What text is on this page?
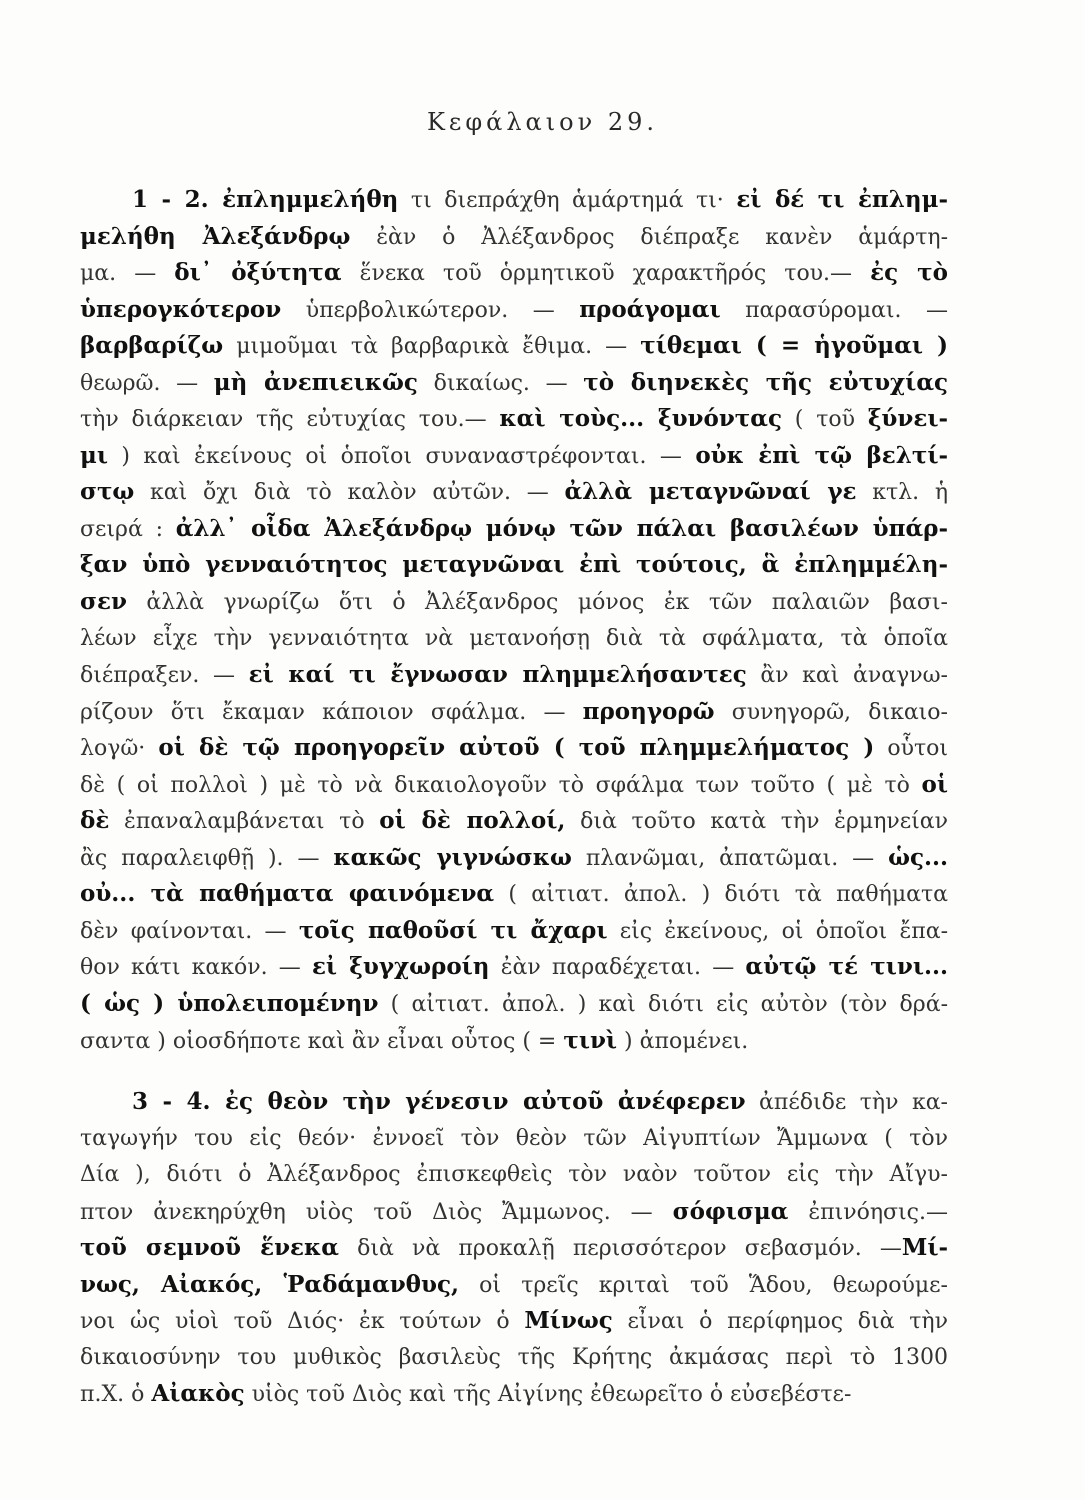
Κεφάλαιον 29.
1 - 2. ἐπλημμελήθη τι διεπράχθη ἁμάρτημά τι· εἰ δέ τι ἐπλημ-
μελήθη Ἀλεξάνδρῳ ἐὰν ὁ Ἀλέξανδρος διέπραξε κανὲν ἁμάρτη-
μα. — δι᾽ ὀξύτητα ἕνεκα τοῦ ὁρμητικοῦ χαρακτῆρός του.— ἐς τὸ
ὑπερογκότερον ὑπερβολικώτερον. — προάγομαι παρασύρομαι. —
βαρβαρίζω μιμοῦμαι τὰ βαρβαρικὰ ἔθιμα. — τίθεμαι ( = ἡγοῦμαι )
θεωρῶ. — μὴ ἀνεπιεικῶς δικαίως. — τὸ διηνεκὲς τῆς εὐτυχίας
τὴν διάρκειαν τῆς εὐτυχίας του.— καὶ τοὺς... ξυνόντας ( τοῦ ξύνει-
μι ) καὶ ἐκείνους οἱ ὁποῖοι συναναστρέφονται. — οὐκ ἐπὶ τῷ βελτί-
στῳ καὶ ὄχι διὰ τὸ καλὸν αὐτῶν. — ἀλλὰ μεταγνῶναί γε κτλ. ἡ
σειρά : ἀλλ᾽ οἶδα Ἀλεξάνδρῳ μόνῳ τῶν πάλαι βασιλέων ὑπάρ-
ξαν ὑπὸ γενναιότητος μεταγνῶναι ἐπὶ τούτοις, ἃ ἐπλημμέλη-
σεν ἀλλὰ γνωρίζω ὅτι ὁ Ἀλέξανδρος μόνος ἐκ τῶν παλαιῶν βασι-
λέων εἶχε τὴν γενναιότητα νὰ μετανοήσῃ διὰ τὰ σφάλματα, τὰ ὁποῖα
διέπραξεν. — εἰ καί τι ἔγνωσαν πλημμελήσαντες ἂν καὶ ἀναγνω-
ρίζουν ὅτι ἔκαμαν κάποιον σφάλμα. — προηγορῶ συνηγορῶ, δικαιο-
λογῶ· οἱ δὲ τῷ προηγορεῖν αὐτοῦ ( τοῦ πλημμελήματος ) οὗτοι
δὲ ( οἱ πολλοὶ ) μὲ τὸ νὰ δικαιολογοῦν τὸ σφάλμα των τοῦτο ( μὲ τὸ οἱ
δὲ ἐπαναλαμβάνεται τὸ οἱ δὲ πολλοί, διὰ τοῦτο κατὰ τὴν ἑρμηνείαν
ἂς παραλειφθῇ ). — κακῶς γιγνώσκω πλανῶμαι, ἀπατῶμαι. — ὡς...
οὐ... τὰ παθήματα φαινόμενα ( αἰτιατ. ἀπολ. ) διότι τὰ παθήματα
δὲν φαίνονται. — τοῖς παθοῦσί τι ἄχαρι εἰς ἐκείνους, οἱ ὁποῖοι ἔπα-
θον κάτι κακόν. — εἰ ξυγχωροίη ἐὰν παραδέχεται. — αὐτῷ τέ τινι...
( ὡς ) ὑπολειπομένην ( αἰτιατ. ἀπολ. ) καὶ διότι εἰς αὐτὸν (τὸν δρά-
σαντα ) οἱοσδήποτε καὶ ἂν εἶναι οὗτος ( = τινὶ ) ἀπομένει.
3 - 4. ἐς θεὸν τὴν γένεσιν αὐτοῦ ἀνέφερεν ἀπέδιδε τὴν κα-
ταγωγήν του εἰς θεόν· ἐννοεῖ τὸν θεὸν τῶν Αἰγυπτίων Ἄμμωνα ( τὸν
Δία ), διότι ὁ Ἀλέξανδρος ἐπισκεφθεὶς τὸν ναὸν τοῦτον εἰς τὴν Αἴγυ-
πτον ἀνεκηρύχθη υἱὸς τοῦ Διὸς Ἄμμωνος. — σόφισμα ἐπινόησις.—
τοῦ σεμνοῦ ἕνεκα διὰ νὰ προκαλῇ περισσότερον σεβασμόν. —Μί-
νως, Αἰακός, Ῥαδάμανθυς, οἱ τρεῖς κριταὶ τοῦ Ἅδου, θεωρούμε-
νοι ὡς υἱοὶ τοῦ Διός· ἐκ τούτων ὁ Μίνως εἶναι ὁ περίφημος διὰ τὴν
δικαιοσύνην του μυθικὸς βασιλεὺς τῆς Κρήτης ἀκμάσας περὶ τὸ 1300
π.Χ. ὁ Αἰακὸς υἱὸς τοῦ Διὸς καὶ τῆς Αἰγίνης ἐθεωρεῖτο ὁ εὐσεβέστε-
